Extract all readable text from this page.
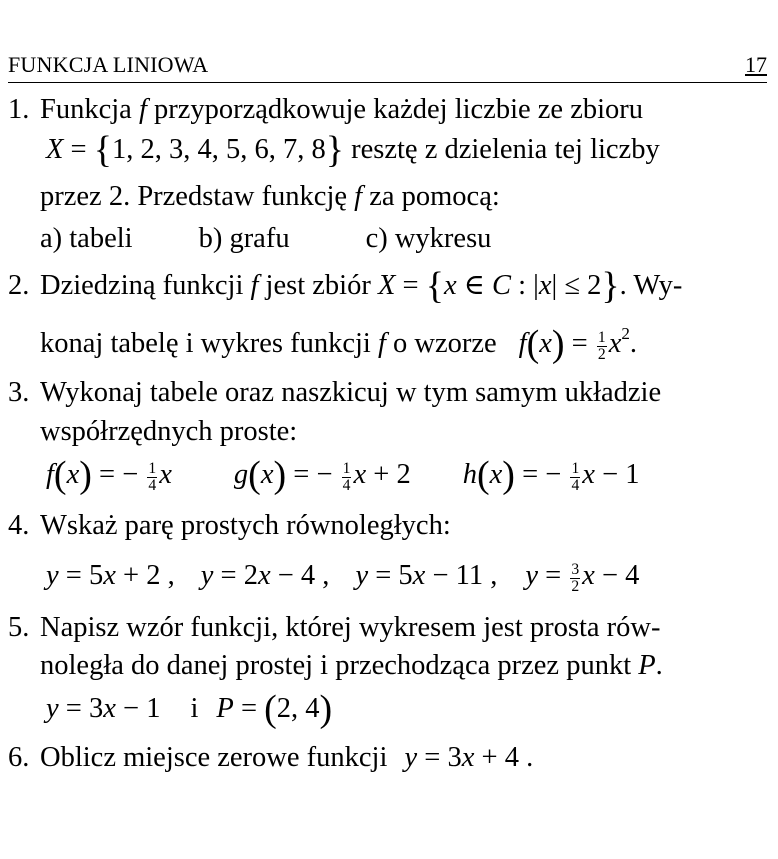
FUNKCJA LINIOWA	17
1. Funkcja f przyporządkowuje każdej liczbie ze zbioru
X = {1, 2, 3, 4, 5, 6, 7, 8} resztę z dzielenia tej liczby
przez 2. Przedstaw funkcję f za pomocą:
a) tabeli b) grafu	c) wykresu
2. Dziedziną funkcji f jest zbiór X = {x ∈ C : |x| ≤ 2}. Wy-
konaj tabelę i wykres funkcji f o wzorze $f(x) = \frac{1}{2} x^2$.
3. Wykonaj tabele oraz naszkicuj w tym samym układzie
współrzędnych proste:
f(x) = − $\frac{1}{4}$ x g(x) = − $\frac{1}{4}$ x + 2 h(x) = − $\frac{1}{4}$ x − 1
4. Wskaż parę prostych równoległych:
y = 5x + 2 , y = 2x − 4 , y = 5x − 11 , $y = \frac{3}{2}$ x − 4
5. Napisz wzór funkcji, której wykresem jest prosta rów-
noległa do danej prostej i przechodząca przez punkt P.
y = 3x − 1 i P = (2, 4)
6. Oblicz miejsce zerowe funkcji y = 3x + 4 .
